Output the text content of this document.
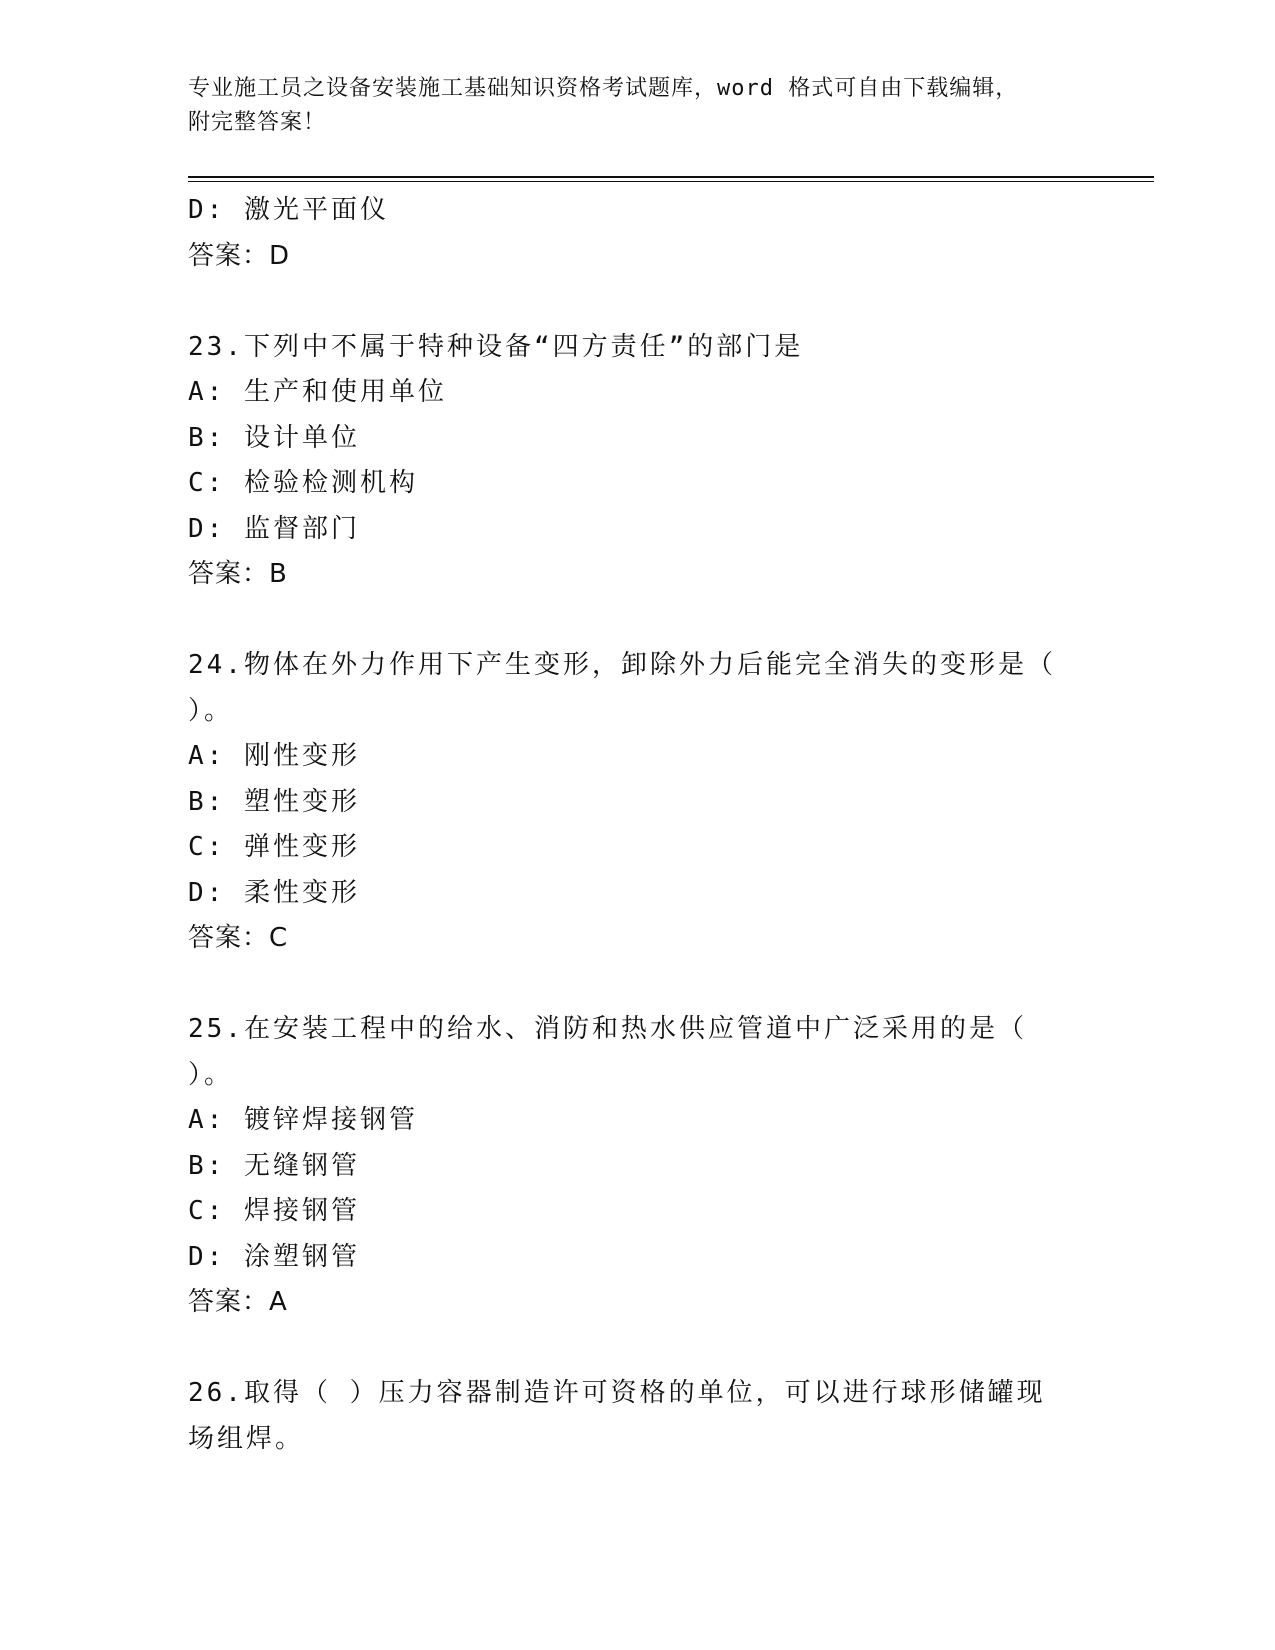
专业施工员之设备安装施工基础知识资格考试题库，word 格式可自由下载编辑，
附完整答案！
D: 激光平面仪
答案：D
23.下列中不属于特种设备“四方责任”的部门是
A: 生产和使用单位
B: 设计单位
C: 检验检测机构
D: 监督部门
答案：B
24.物体在外力作用下产生变形，卸除外力后能完全消失的变形是（ ）。
A: 刚性变形
B: 塑性变形
C: 弹性变形
D: 柔性变形
答案：C
25.在安装工程中的给水、消防和热水供应管道中广泛采用的是（ ）。
A: 镀锌焊接钢管
B: 无缝钢管
C: 焊接钢管
D: 涂塑钢管
答案：A
26.取得（ ）压力容器制造许可资格的单位，可以进行球形储罐现场组焊。
